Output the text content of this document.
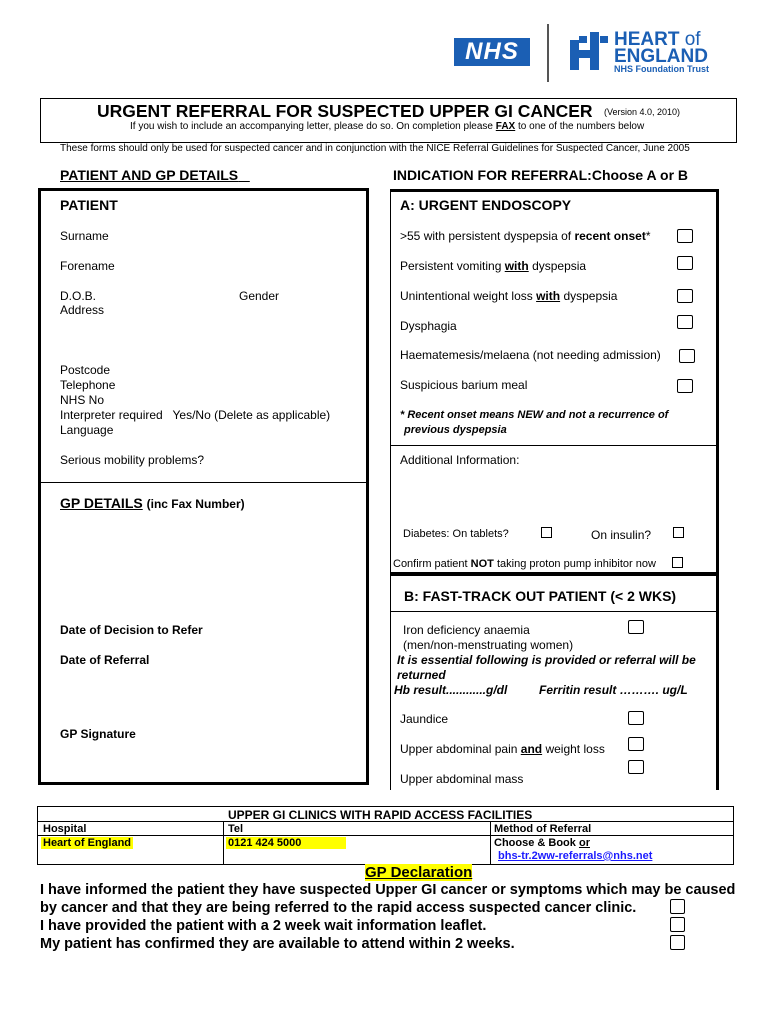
NHS	HEART of
ENGLAND
NHS Foundation Trust
URGENT REFERRAL FOR SUSPECTED UPPER GI CANCER (Version 4.0, 2010)
If you wish to include an accompanying letter, please do so. On completion please FAX to one of the numbers below
These forms should only be used for suspected cancer and in conjunction with the NICE Referral Guidelines for Suspected Cancer, June 2005
PATIENT AND GP DETAILS	INDICATION FOR REFERRAL:Choose A or B
PATIENT
Surname
Forename
D.O.B.	Gender
Address
Postcode
Telephone
NHS No
Interpreter required   Yes/No (Delete as applicable)
Language
Serious mobility problems?
GP DETAILS (inc Fax Number)
Date of Decision to Refer
Date of Referral
GP Signature
A: URGENT ENDOSCOPY
>55 with persistent dyspepsia of recent onset*
Persistent vomiting with dyspepsia
Unintentional weight loss with dyspepsia
Dysphagia
Haematemesis/melaena (not needing admission)
Suspicious barium meal
* Recent onset means NEW and not a recurrence of
previous dyspepsia
Additional Information:
Diabetes: On tablets?	On insulin?
Confirm patient NOT taking proton pump inhibitor now
B: FAST-TRACK OUT PATIENT (< 2 WKS)
Iron deficiency anaemia
(men/non-menstruating women)
It is essential following is provided or referral will be
returned
Hb result............g/dl	Ferritin result ………. ug/L
Jaundice
Upper abdominal pain and weight loss
Upper abdominal mass
UPPER GI CLINICS WITH RAPID ACCESS FACILITIES
Hospital	Tel	Method of Referral
Heart of England	0121 424 5000	Choose & Book or
bhs-tr.2ww-referrals@nhs.net
GP Declaration
I have informed the patient they have suspected Upper GI cancer or symptoms which may be caused
by cancer and that they are being referred to the rapid access suspected cancer clinic.
I have provided the patient with a 2 week wait information leaflet.
My patient has confirmed they are available to attend within 2 weeks.
